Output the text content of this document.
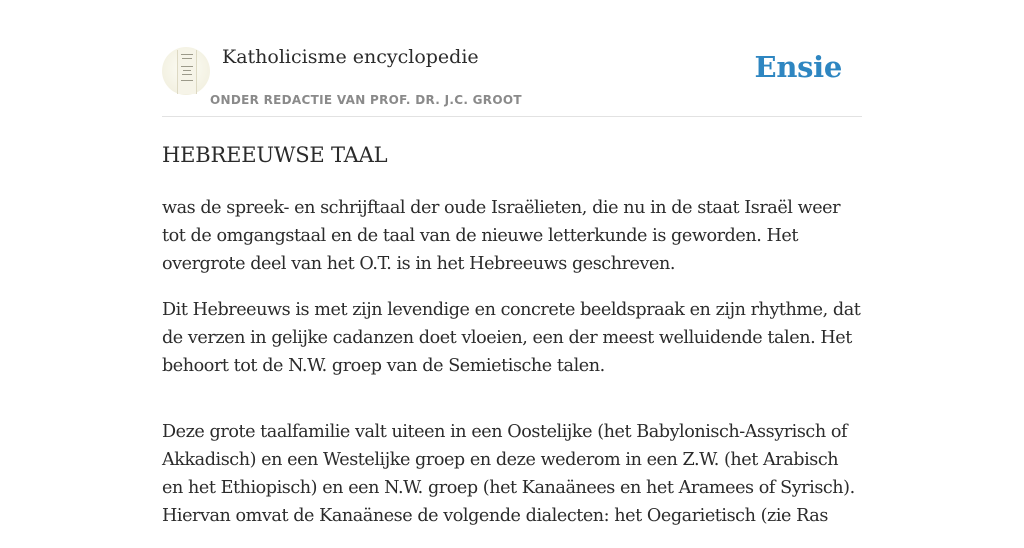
Katholicisme encyclopedie
ONDER REDACTIE VAN PROF. DR. J.C. GROOT
Ensie
HEBREEUWSE TAAL

was de spreek- en schrijftaal der oude Israëlieten, die nu in de staat Israël weer tot de omgangstaal en de taal van de nieuwe letterkunde is geworden. Het overgrote deel van het O.T. is in het Hebreeuws geschreven.

Dit Hebreeuws is met zijn levendige en concrete beeldspraak en zijn rhythme, dat de verzen in gelijke cadanzen doet vloeien, een der meest welluidende talen. Het behoort tot de N.W. groep van de Semietische talen.

Deze grote taalfamilie valt uiteen in een Oostelijke (het Babylonisch-Assyrisch of Akkadisch) en een Westelijke groep en deze wederom in een Z.W. (het Arabisch en het Ethiopisch) en een N.W. groep (het Kanaänees en het Aramees of Syrisch). Hiervan omvat de Kanaänese de volgende dialecten: het Oegarietisch (zie Ras
